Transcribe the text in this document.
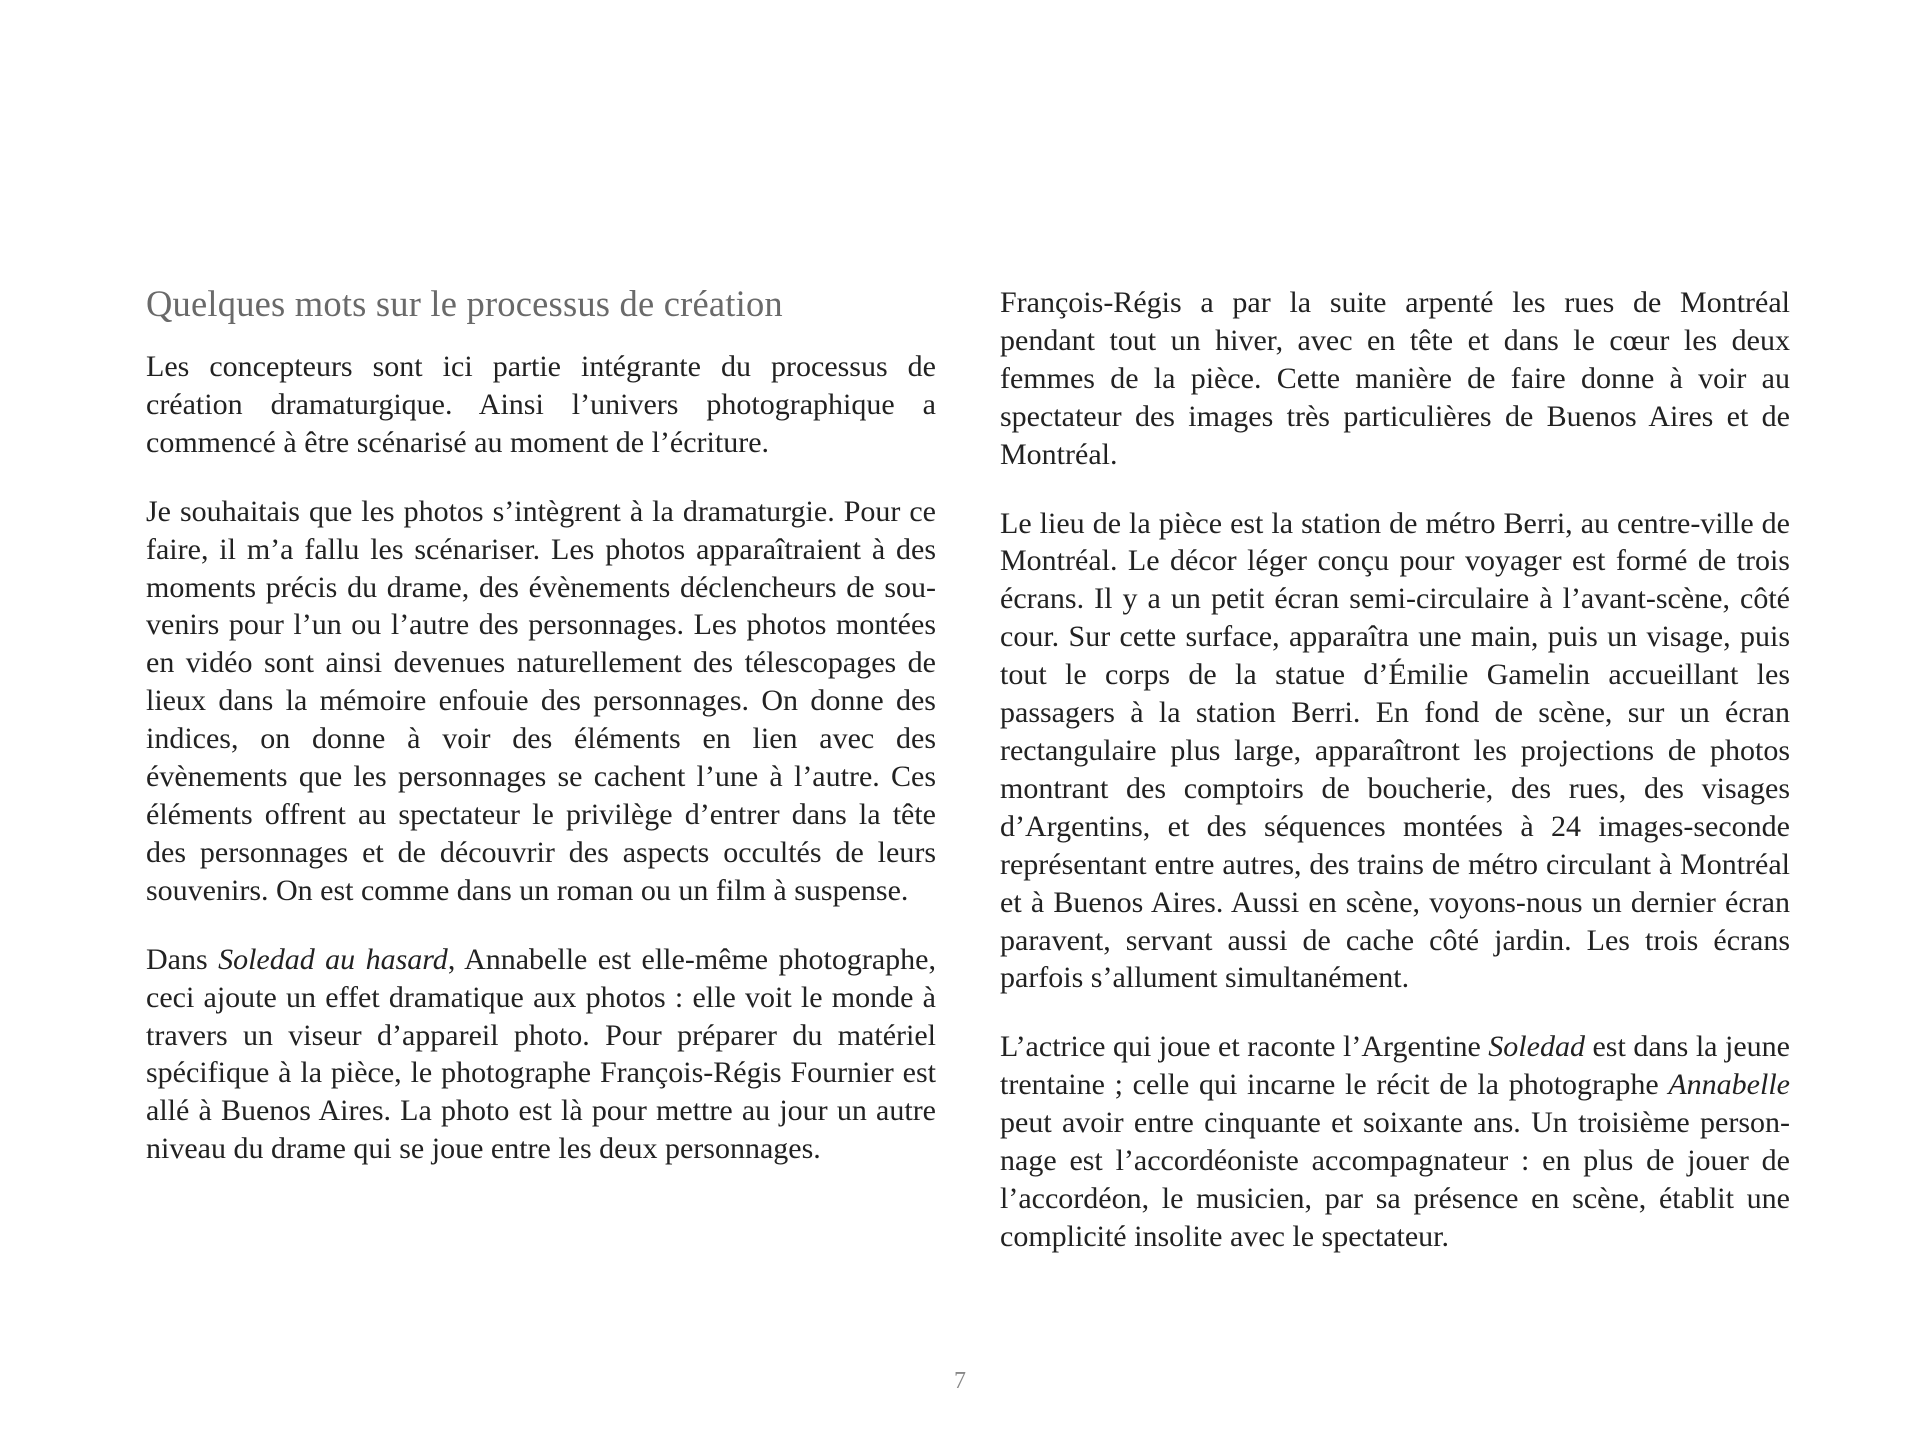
Quelques mots sur le processus de création

Les concepteurs sont ici partie intégrante du processus de création dramaturgique. Ainsi l’univers photographique a commencé à être scénarisé au moment de l’écriture.

Je souhaitais que les photos s’intègrent à la dramaturgie. Pour ce faire, il m’a fallu les scénariser. Les photos apparaîtraient à des moments précis du drame, des évènements déclencheurs de souvenirs pour l’un ou l’autre des personnages. Les photos montées en vidéo sont ainsi devenues naturellement des télescopages de lieux dans la mémoire enfouie des personnages. On donne des indices, on donne à voir des éléments en lien avec des évènements que les personnages se cachent l’une à l’autre. Ces éléments offrent au spectateur le privilège d’entrer dans la tête des personnages et de découvrir des aspects occultés de leurs souvenirs. On est comme dans un roman ou un film à suspense.

Dans Soledad au hasard, Annabelle est elle-même photographe, ceci ajoute un effet dramatique aux photos : elle voit le monde à travers un viseur d’appareil photo. Pour préparer du matériel spécifique à la pièce, le photographe François-Régis Fournier est allé à Buenos Aires. La photo est là pour mettre au jour un autre niveau du drame qui se joue entre les deux personnages.

François-Régis a par la suite arpenté les rues de Montréal pendant tout un hiver, avec en tête et dans le cœur les deux femmes de la pièce. Cette manière de faire donne à voir au spectateur des images très particulières de Buenos Aires et de Montréal.

Le lieu de la pièce est la station de métro Berri, au centre-ville de Montréal. Le décor léger conçu pour voyager est formé de trois écrans. Il y a un petit écran semi-circulaire à l’avant-scène, côté cour. Sur cette surface, apparaîtra une main, puis un visage, puis tout le corps de la statue d’Émilie Gamelin accueillant les passagers à la station Berri. En fond de scène, sur un écran rectangulaire plus large, apparaîtront les projections de photos montrant des comptoirs de boucherie, des rues, des visages d’Argentins, et des séquences montées à 24 images-seconde représentant entre autres, des trains de métro circulant à Montréal et à Buenos Aires. Aussi en scène, voyons-nous un dernier écran paravent, servant aussi de cache côté jardin. Les trois écrans parfois s’allument simultanément.

L’actrice qui joue et raconte l’Argentine Soledad est dans la jeune trentaine ; celle qui incarne le récit de la photographe Annabelle peut avoir entre cinquante et soixante ans. Un troisième personnage est l’accordéoniste accompagnateur : en plus de jouer de l’accordéon, le musicien, par sa présence en scène, établit une complicité insolite avec le spectateur.

7
